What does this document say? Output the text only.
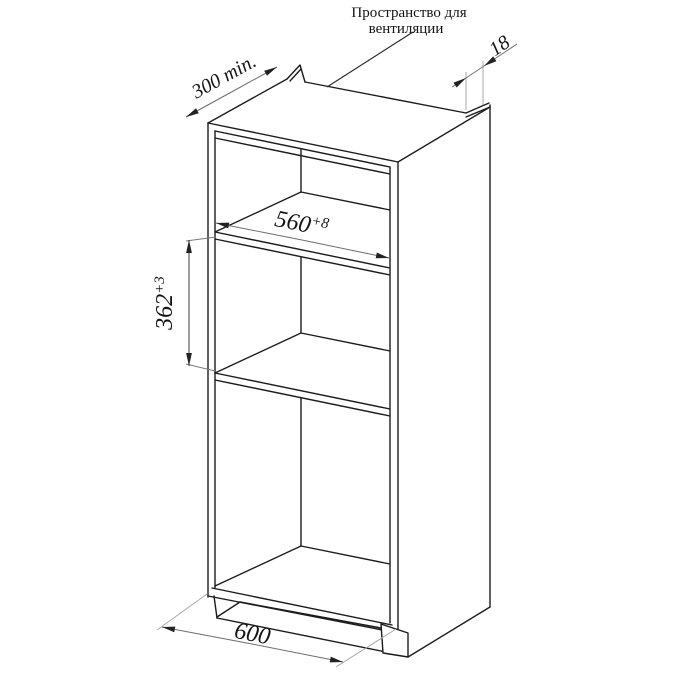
300 min.
18
$560^{+8}$
$362^{+3}$
600
Пространство для
вентиляции
